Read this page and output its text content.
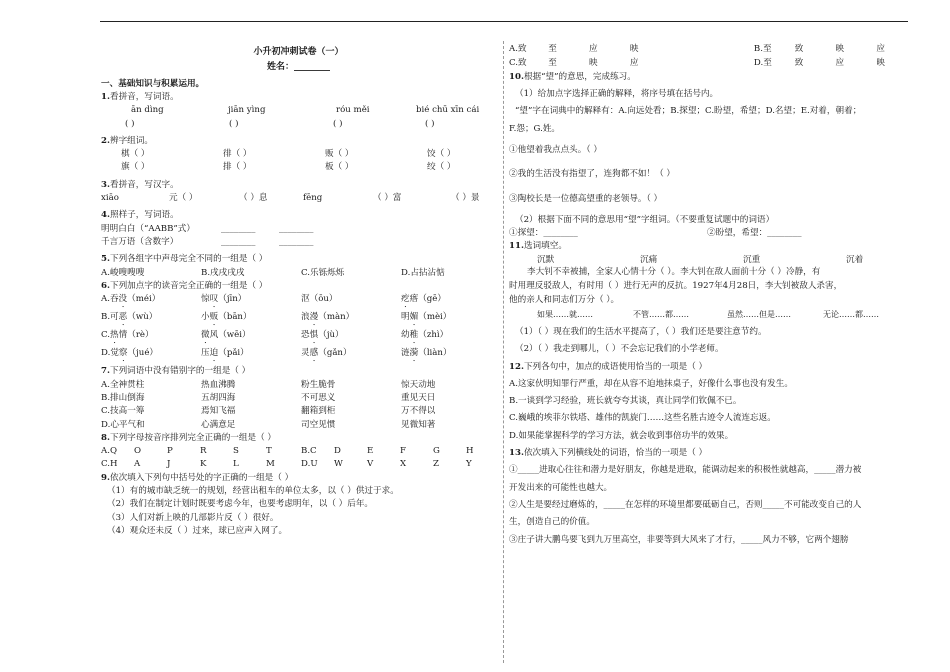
小升初冲刺试卷（一）
姓名：________
一、基础知识与积累运用。
1.看拼音，写词语。
ān dìng	jiān yìng	róu měi	bié chū xīn cái
( )	( )	( )	( )
2.辨字组词。
棋（ ）	徘（ ）	贩（ ）	饺（ ）
旗（ ）	排（ ）	板（ ）	绞（ ）
3.看拼音，写汉字。
xiāo	元（ ）	（ ）息	fēng	（ ）富	（ ）景
4.照样子，写词语。
明明白白（“AABB”式）	________	________
千言万语（含数字）	________	________
5.下列各组字中声母完全不同的一组是（ ）
A.峻嗖嗖嗖	B.戌戌戌戌	C.乐铄烁烁	D.占拈沾惦
6.下列加点字的读音完全正确的一组是（ ）
A.吞没（méi）	惊叹（jīn）	沤（ōu）	疙瘩（gē）
B.可恶（wù）	小贩（bān）	浪漫（màn）	明媚（mèi）
C.热情（rè）	微风（wēi）	恐惧（jù）	幼稚（zhì）
D.觉察（jué）	压迫（pǎi）	灵感（gǎn）	涟漪（liàn）
7.下列词语中没有错别字的一组是（ ）
A.全神贯柱	热血沸腾	粉生脆骨	惊天动地
B.排山倒海	五胡四海	不可思义	重见天日
C.技高一筹	焉知飞福	翻箱到柜	万不得以
D.心平气和	心满意足	司空见惯	见微知著
8.下列字母按音序排列完全正确的一组是（ ）
A.Q	O	P	R	S	T	B.C	D	E	F	G	H
C.H	A	J	K	L	M	D.U	W	V	X	Z	Y
9.依次填入下列句中括号处的字正确的一组是（ ）
（1）有的城市缺乏统一的规划，经营出租车的单位太多，以（ ）供过于求。
（2）我们在制定计划时既要考虑今年，也要考虑明年，以（ ）后年。
（3）人们对新上映的几部影片反（ ）很好。
（4）观众还未反（ ）过来，球已应声入网了。
A.致	至	应	映	B.至	致	映	应
C.致	至	映	应	D.至	致	应	映
10.根据“望”的意思，完成练习。
（1）给加点字选择正确的解释，将序号填在括号内。
“望”字在词典中的解释有：A.向远处看；B.探望；C.盼望，希望；D.名望；E.对着，朝着；
F.怨；G.姓。
①他望着我点点头。（ ）
②我的生活没有指望了，连狗都不如！（ ）
③陶校长是一位德高望重的老领导。（ ）
（2）根据下面不同的意思用“望”字组词。（不要重复试题中的词语）
①探望：________	②盼望，希望：________
11.选词填空。
沉默	沉痛	沉重	沉着
李大钊不幸被捕，全家人心情十分（ ）。李大钊在敌人面前十分（ ）冷静，有
时用理反驳敌人，有时用（ ）进行无声的反抗。1927年4月28日，李大钊被敌人杀害，
他的亲人和同志们万分（ ）。
如果……就……	不管……都……	虽然……但是……	无论……都……
（1）（ ）现在我们的生活水平提高了，（ ）我们还是要注意节约。
（2）（ ）我走到哪儿，（ ）不会忘记我们的小学老师。
12.下列各句中，加点的成语使用恰当的一项是（ ）
A.这家伙明知罪行严重，却在从容不迫地抹桌子，好像什么事也没有发生。
B.一谈到学习经验，班长就夸夸其谈，真让同学们钦佩不已。
C.巍峨的埃菲尔铁塔、雄伟的凯旋门……这些名胜古迹令人流连忘返。
D.如果能掌握科学的学习方法，就会收到事倍功半的效果。
13.依次填入下列横线处的词语，恰当的一项是（ ）
①_____进取心往往和潜力是好朋友，你越是进取，能调动起来的积极性就越高，_____潜力被
开发出来的可能性也越大。
②人生是要经过磨炼的，_____在怎样的环境里都要砥砺自己，否则_____不可能改变自己的人
生，创造自己的价值。
③庄子讲大鹏鸟要飞到九万里高空，非要等到大风来了才行，_____风力不够，它两个翅膀
